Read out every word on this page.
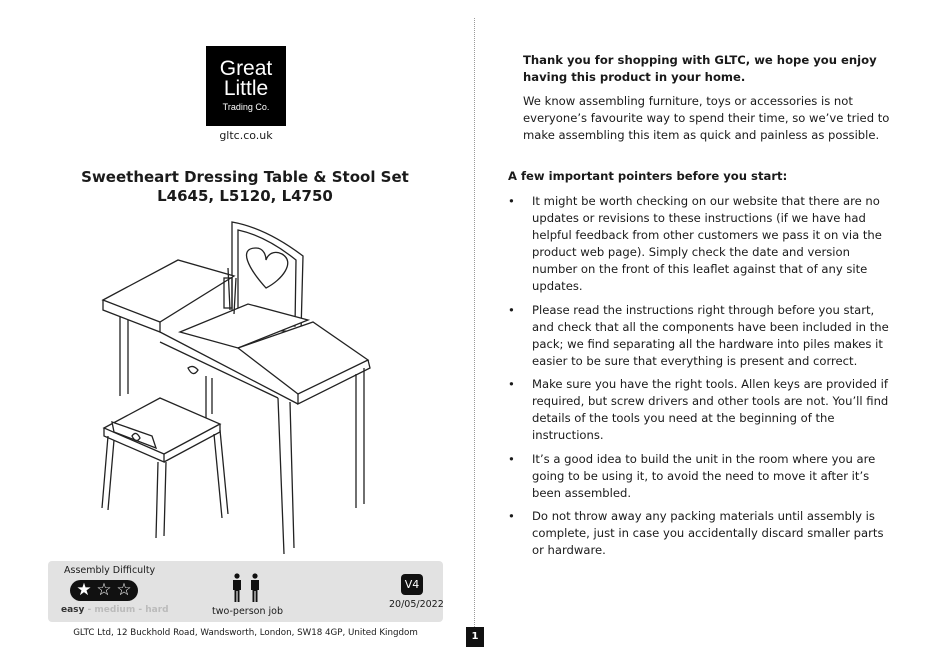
Great
Little
Trading Co.
gltc.co.uk
Sweetheart Dressing Table & Stool Set
L4645, L5120, L4750
Assembly Difficulty
★ ☆ ☆
easy - medium - hard	two-person job
V4
20/05/2022
GLTC Ltd, 12 Buckhold Road, Wandsworth, London, SW18 4GP, United Kingdom	1
Thank you for shopping with GLTC, we hope you enjoy having this product in your home.
We know assembling furniture, toys or accessories is not everyone’s favourite way to spend their time, so we’ve tried to make assembling this item as quick and painless as possible.
A few important pointers before you start:
• It might be worth checking on our website that there are no updates or revisions to these instructions (if we have had helpful feedback from other customers we pass it on via the product web page). Simply check the date and version number on the front of this leaflet against that of any site updates.
• Please read the instructions right through before you start, and check that all the components have been included in the pack; we find separating all the hardware into piles makes it easier to be sure that everything is present and correct.
• Make sure you have the right tools. Allen keys are provided if required, but screw drivers and other tools are not. You’ll find details of the tools you need at the beginning of the instructions.
• It’s a good idea to build the unit in the room where you are going to be using it, to avoid the need to move it after it’s been assembled.
• Do not throw away any packing materials until assembly is complete, just in case you accidentally discard smaller parts or hardware.
